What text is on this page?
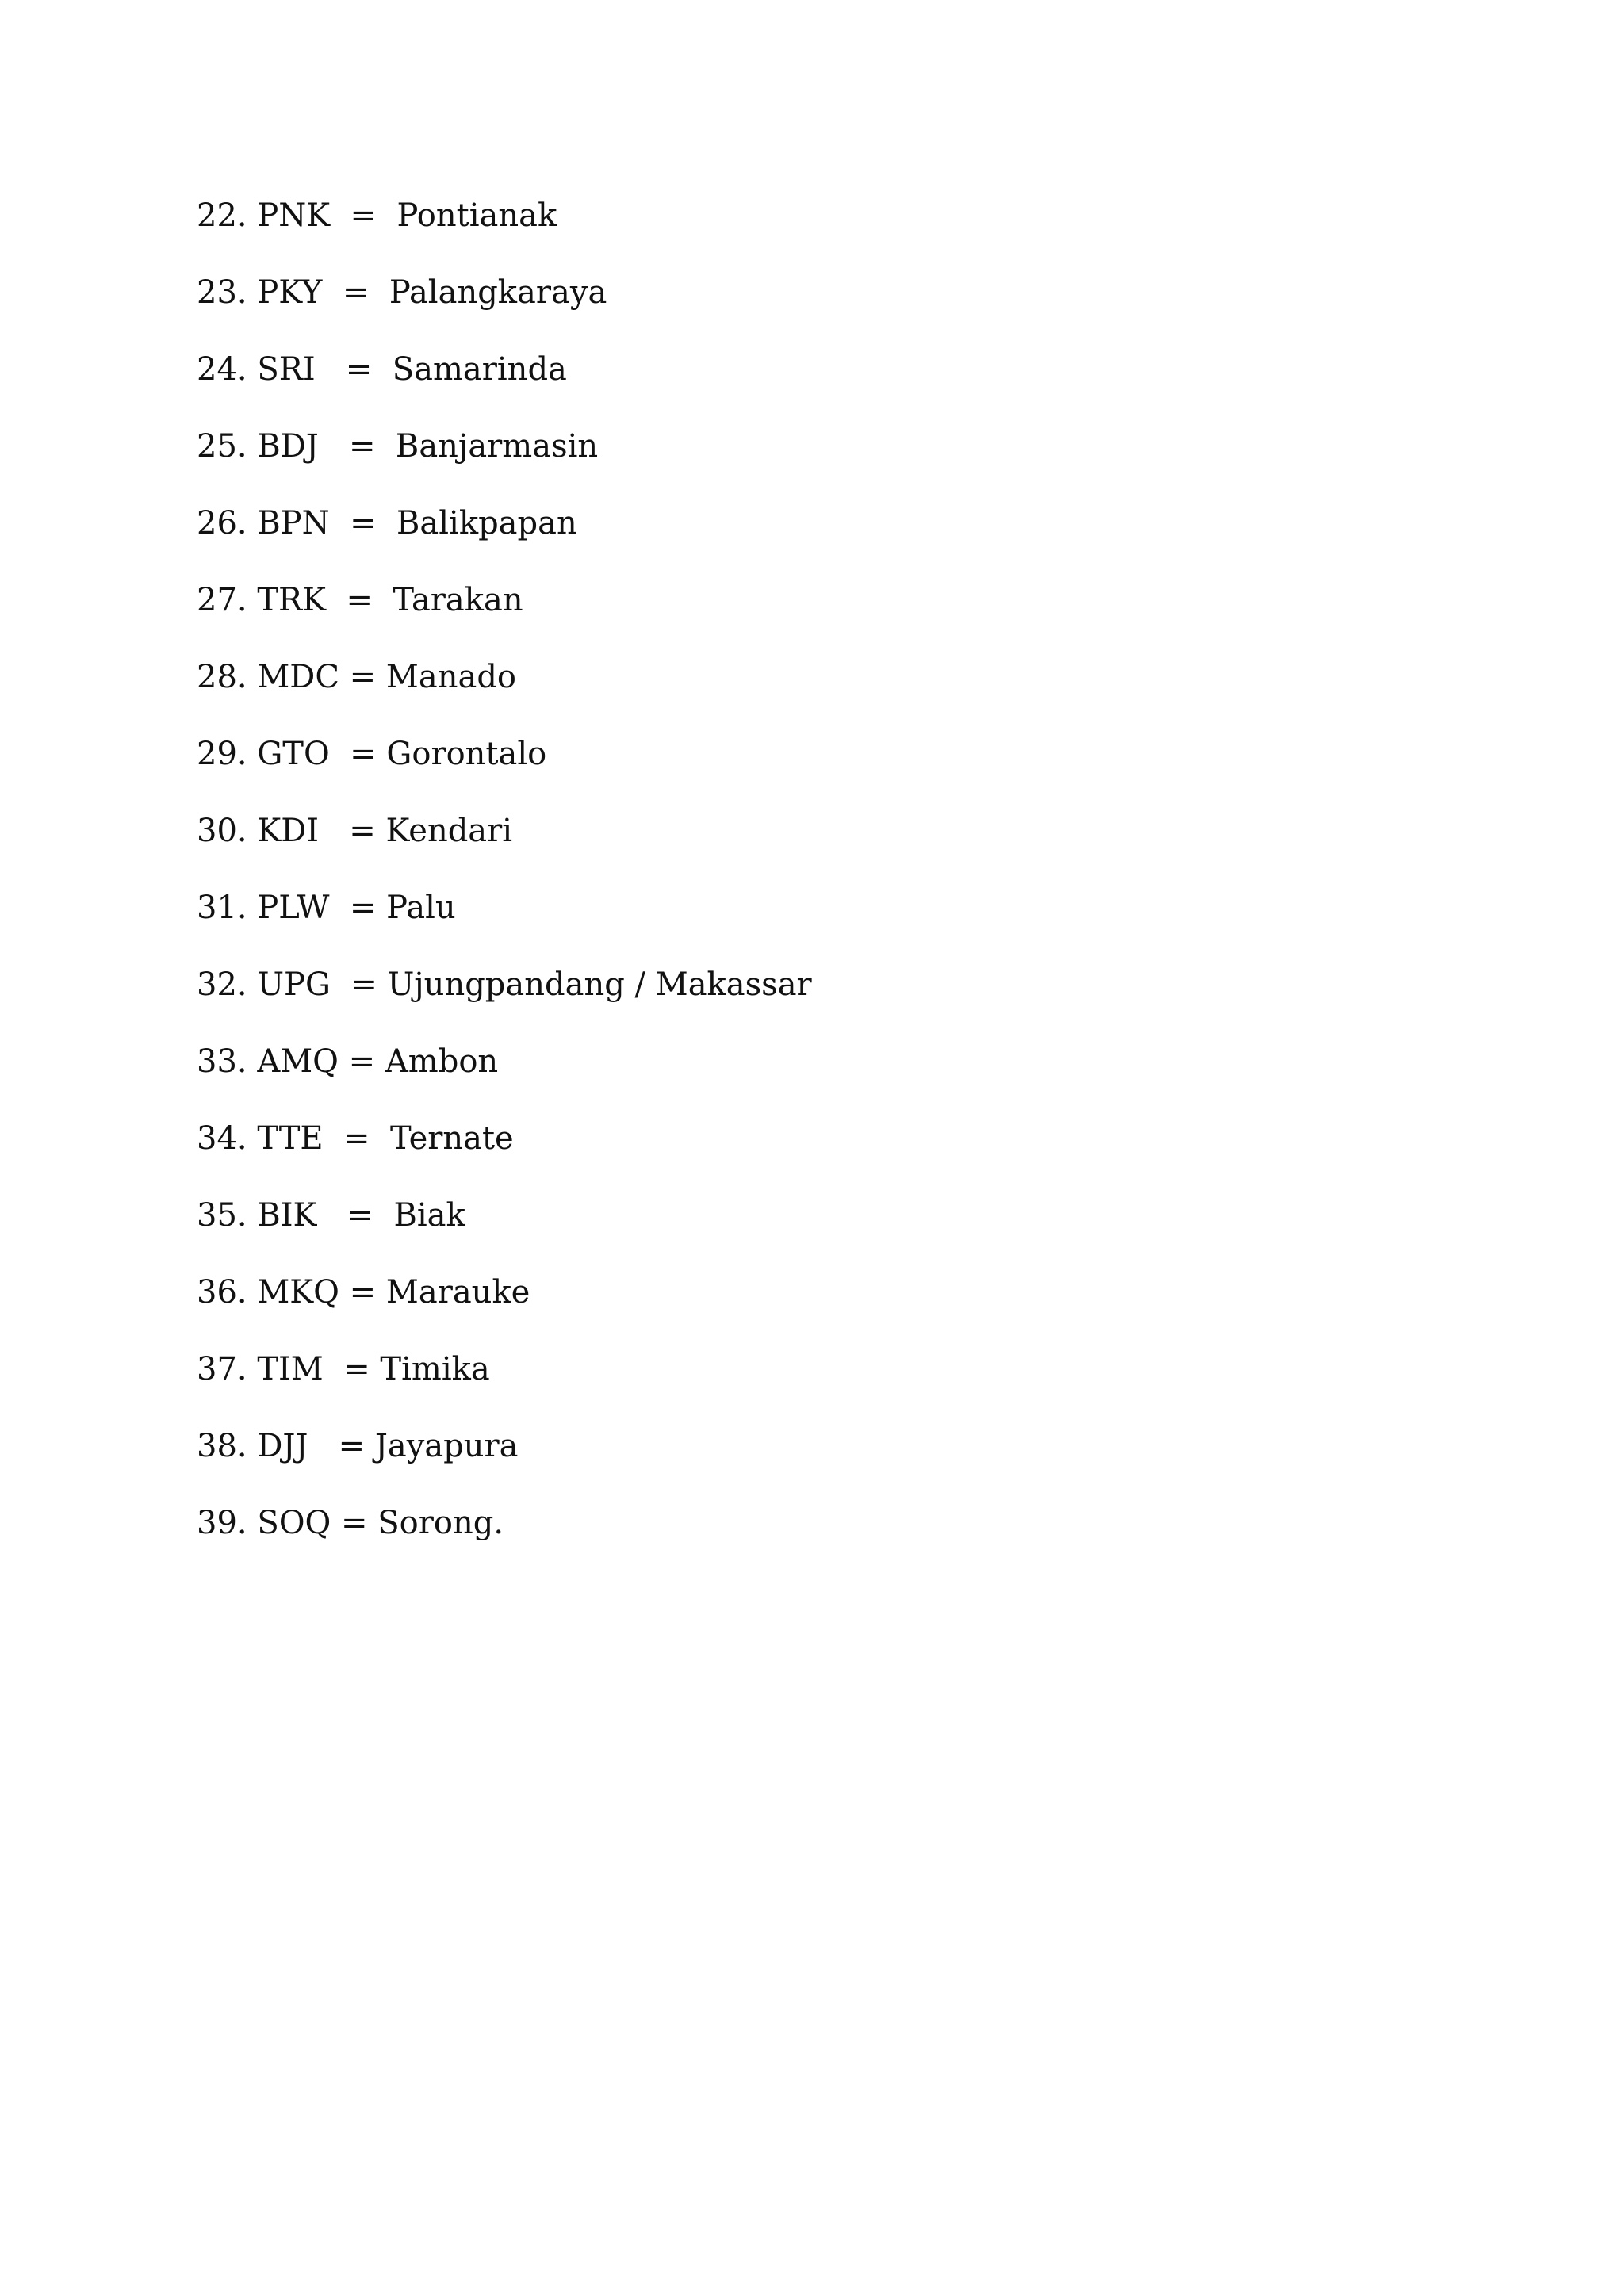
22. PNK  =  Pontianak
23. PKY  =  Palangkaraya
24. SRI   =  Samarinda
25. BDJ   =  Banjarmasin
26. BPN  =  Balikpapan
27. TRK  =  Tarakan
28. MDC = Manado
29. GTO  = Gorontalo
30. KDI   = Kendari
31. PLW  = Palu
32. UPG  = Ujungpandang / Makassar
33. AMQ = Ambon
34. TTE  =  Ternate
35. BIK   =  Biak
36. MKQ = Marauke
37. TIM  = Timika
38. DJJ   = Jayapura
39. SOQ = Sorong.
